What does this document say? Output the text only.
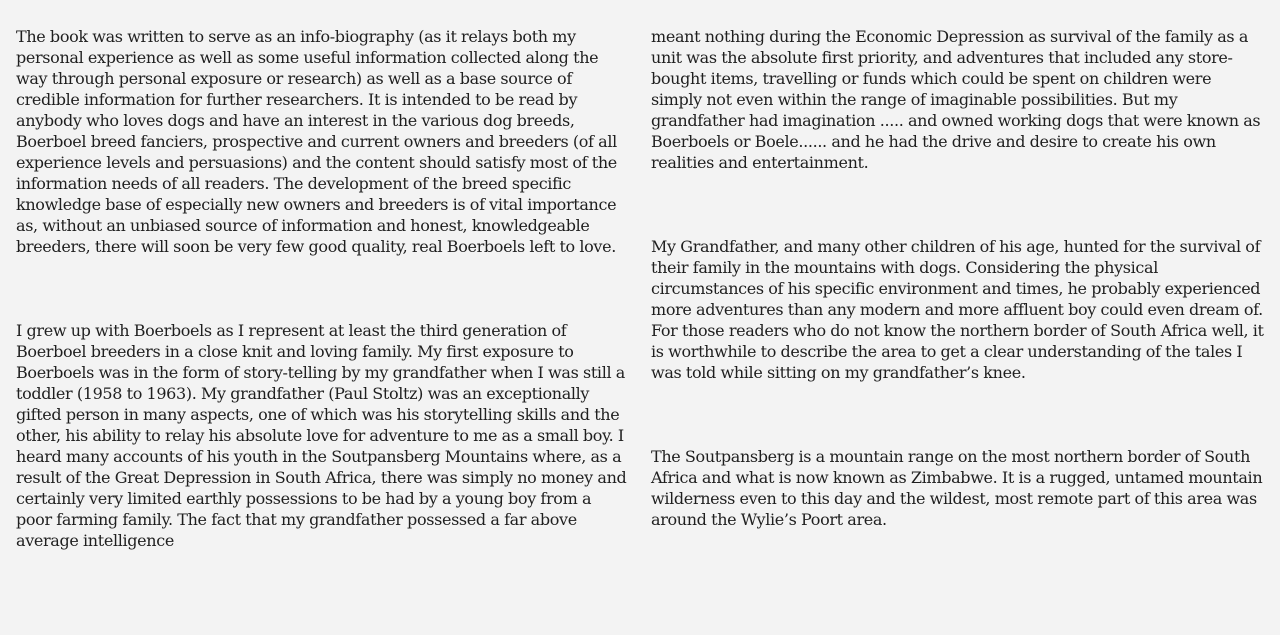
The book was written to serve as an info-biography (as it relays both my personal experience as well as some useful information collected along the way through personal exposure or research) as well as a base source of credible information for further researchers. It is intended to be read by anybody who loves dogs and have an interest in the various dog breeds, Boerboel breed fanciers, prospective and current owners and breeders (of all experience levels and persuasions) and the content should satisfy most of the information needs of all readers. The development of the breed specific knowledge base of especially new owners and breeders is of vital importance as, without an unbiased source of information and honest, knowledgeable breeders, there will soon be very few good quality, real Boerboels left to love.

I grew up with Boerboels as I represent at least the third generation of Boerboel breeders in a close knit and loving family. My first exposure to Boerboels was in the form of story-telling by my grandfather when I was still a toddler (1958 to 1963). My grandfather (Paul Stoltz) was an exceptionally gifted person in many aspects, one of which was his storytelling skills and the other, his ability to relay his absolute love for adventure to me as a small boy. I heard many accounts of his youth in the Soutpansberg Mountains where, as a result of the Great Depression in South Africa, there was simply no money and certainly very limited earthly possessions to be had by a young boy from a poor farming family. The fact that my grandfather possessed a far above average intelligence

meant nothing during the Economic Depression as survival of the family as a unit was the absolute first priority, and adventures that included any store-bought items, travelling or funds which could be spent on children were simply not even within the range of imaginable possibilities. But my grandfather had imagination ..... and owned working dogs that were known as Boerboels or Boele...... and he had the drive and desire to create his own realities and entertainment.

My Grandfather, and many other children of his age, hunted for the survival of their family in the mountains with dogs. Considering the physical circumstances of his specific environment and times, he probably experienced more adventures than any modern and more affluent boy could even dream of. For those readers who do not know the northern border of South Africa well, it is worthwhile to describe the area to get a clear understanding of the tales I was told while sitting on my grandfather’s knee.

The Soutpansberg is a mountain range on the most northern border of South Africa and what is now known as Zimbabwe. It is a rugged, untamed mountain wilderness even to this day and the wildest, most remote part of this area was around the Wylie’s Poort area.
